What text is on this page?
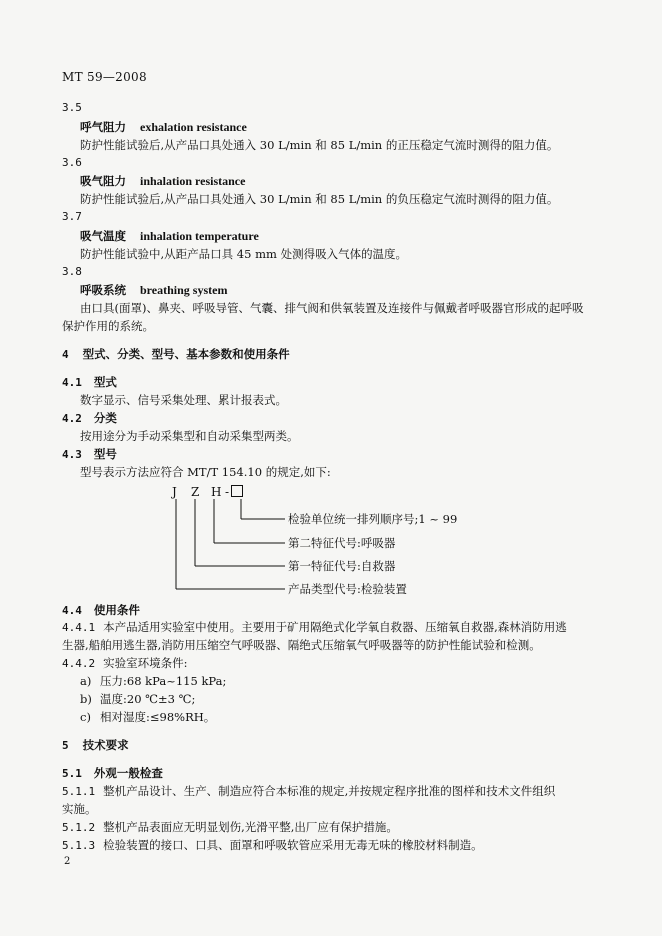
MT 59—2008
3.5
呼气阻力 exhalation resistance
防护性能试验后,从产品口具处通入 30 L/min 和 85 L/min 的正压稳定气流时测得的阻力值。
3.6
吸气阻力 inhalation resistance
防护性能试验后,从产品口具处通入 30 L/min 和 85 L/min 的负压稳定气流时测得的阻力值。
3.7
吸气温度 inhalation temperature
防护性能试验中,从距产品口具 45 mm 处测得吸入气体的温度。
3.8
呼吸系统 breathing system
由口具(面罩)、鼻夹、呼吸导管、气囊、排气阀和供氧装置及连接件与佩戴者呼吸器官形成的起呼吸
保护作用的系统。
4 型式、分类、型号、基本参数和使用条件
4.1 型式
数字显示、信号采集处理、累计报表式。
4.2 分类
按用途分为手动采集型和自动采集型两类。
4.3 型号
型号表示方法应符合 MT/T 154.10 的规定,如下:
J Z H -
检验单位统一排列顺序号;1 ~ 99
第二特征代号:呼吸器
第一特征代号:自救器
产品类型代号:检验装置
4.4 使用条件
4.4.1 本产品适用实验室中使用。主要用于矿用隔绝式化学氧自救器、压缩氧自救器,森林消防用逃
生器,船舶用逃生器,消防用压缩空气呼吸器、隔绝式压缩氧气呼吸器等的防护性能试验和检测。
4.4.2 实验室环境条件:
a) 压力:68 kPa~115 kPa;
b) 温度:20 ℃±3 ℃;
c) 相对湿度:≤98%RH。
5 技术要求
5.1 外观一般检查
5.1.1 整机产品设计、生产、制造应符合本标准的规定,并按规定程序批准的图样和技术文件组织
实施。
5.1.2 整机产品表面应无明显划伤,光滑平整,出厂应有保护措施。
5.1.3 检验装置的接口、口具、面罩和呼吸软管应采用无毒无味的橡胶材料制造。
2
